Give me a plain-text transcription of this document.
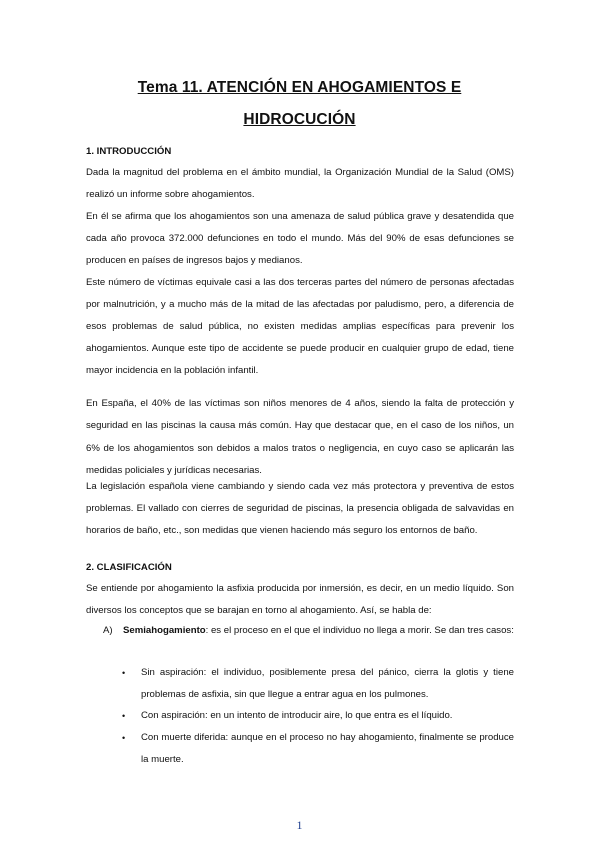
Tema 11. ATENCIÓN EN AHOGAMIENTOS E
HIDROCUCIÓN
1. INTRODUCCIÓN

Dada la magnitud del problema en el ámbito mundial, la Organización Mundial de la Salud (OMS) realizó un informe sobre ahogamientos.

En él se afirma que los ahogamientos son una amenaza de salud pública grave y desatendida que cada año provoca 372.000 defunciones en todo el mundo. Más del 90% de esas defunciones se producen en países de ingresos bajos y medianos.

Este número de víctimas equivale casi a las dos terceras partes del número de personas afectadas por malnutrición, y a mucho más de la mitad de las afectadas por paludismo, pero, a diferencia de esos problemas de salud pública, no existen medidas amplias específicas para prevenir los ahogamientos. Aunque este tipo de accidente se puede producir en cualquier grupo de edad, tiene mayor incidencia en la población infantil.

En España, el 40% de las víctimas son niños menores de 4 años, siendo la falta de protección y seguridad en las piscinas la causa más común. Hay que destacar que, en el caso de los niños, un 6% de los ahogamientos son debidos a malos tratos o negligencia, en cuyo caso se aplicarán las medidas policiales y jurídicas necesarias.

La legislación española viene cambiando y siendo cada vez más protectora y preventiva de estos problemas. El vallado con cierres de seguridad de piscinas, la presencia obligada de salvavidas en horarios de baño, etc., son medidas que vienen haciendo más seguro los entornos de baño.

2. CLASIFICACIÓN

Se entiende por ahogamiento la asfixia producida por inmersión, es decir, en un medio líquido. Son diversos los conceptos que se barajan en torno al ahogamiento. Así, se habla de:

A) Semiahogamiento: es el proceso en el que el individuo no llega a morir. Se dan tres casos:
• Sin aspiración: el individuo, posiblemente presa del pánico, cierra la glotis y tiene problemas de asfixia, sin que llegue a entrar agua en los pulmones.
• Con aspiración: en un intento de introducir aire, lo que entra es el líquido.
• Con muerte diferida: aunque en el proceso no hay ahogamiento, finalmente se produce la muerte.
1
